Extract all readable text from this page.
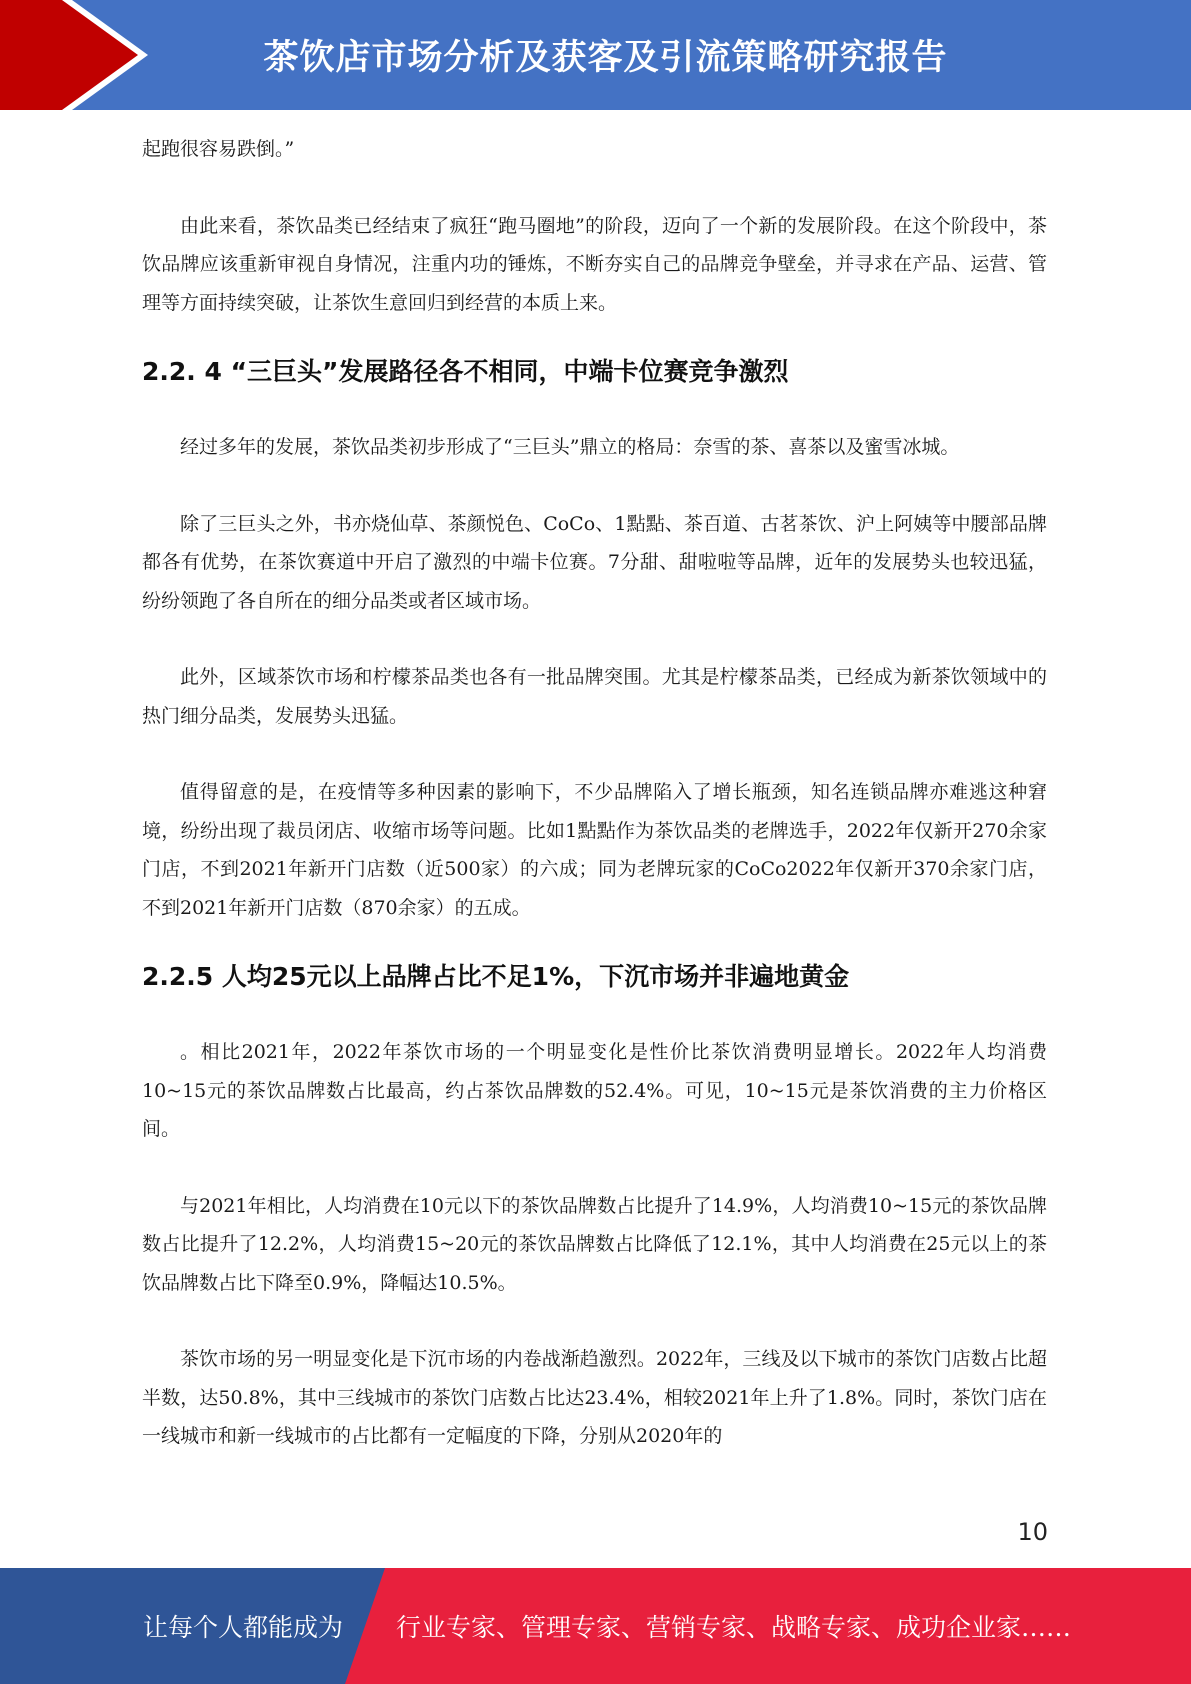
茶饮店市场分析及获客及引流策略研究报告

起跑很容易跌倒。”

由此来看，茶饮品类已经结束了疯狂“跑马圈地”的阶段，迈向了一个新的发展阶段。在这个阶段中，茶饮品牌应该重新审视自身情况，注重内功的锤炼，不断夯实自己的品牌竞争壁垒，并寻求在产品、运营、管理等方面持续突破，让茶饮生意回归到经营的本质上来。

2.2. 4 “三巨头”发展路径各不相同，中端卡位赛竞争激烈

经过多年的发展，茶饮品类初步形成了“三巨头”鼎立的格局：奈雪的茶、喜茶以及蜜雪冰城。

除了三巨头之外，书亦烧仙草、茶颜悦色、CoCo、1點點、茶百道、古茗茶饮、沪上阿姨等中腰部品牌都各有优势，在茶饮赛道中开启了激烈的中端卡位赛。7分甜、甜啦啦等品牌，近年的发展势头也较迅猛，纷纷领跑了各自所在的细分品类或者区域市场。

此外，区域茶饮市场和柠檬茶品类也各有一批品牌突围。尤其是柠檬茶品类，已经成为新茶饮领域中的热门细分品类，发展势头迅猛。

值得留意的是，在疫情等多种因素的影响下，不少品牌陷入了增长瓶颈，知名连锁品牌亦难逃这种窘境，纷纷出现了裁员闭店、收缩市场等问题。比如1點點作为茶饮品类的老牌选手，2022年仅新开270余家门店，不到2021年新开门店数（近500家）的六成；同为老牌玩家的CoCo2022年仅新开370余家门店，不到2021年新开门店数（870余家）的五成。

2.2.5 人均25元以上品牌占比不足1%，下沉市场并非遍地黄金

。相比2021年，2022年茶饮市场的一个明显变化是性价比茶饮消费明显增长。2022年人均消费10~15元的茶饮品牌数占比最高，约占茶饮品牌数的52.4%。可见，10~15元是茶饮消费的主力价格区间。

与2021年相比，人均消费在10元以下的茶饮品牌数占比提升了14.9%，人均消费10~15元的茶饮品牌数占比提升了12.2%，人均消费15~20元的茶饮品牌数占比降低了12.1%，其中人均消费在25元以上的茶饮品牌数占比下降至0.9%，降幅达10.5%。

茶饮市场的另一明显变化是下沉市场的内卷战渐趋激烈。2022年，三线及以下城市的茶饮门店数占比超半数，达50.8%，其中三线城市的茶饮门店数占比达23.4%，相较2021年上升了1.8%。同时，茶饮门店在一线城市和新一线城市的占比都有一定幅度的下降，分别从2020年的

10
让每个人都能成为 行业专家、管理专家、营销专家、战略专家、成功企业家……
